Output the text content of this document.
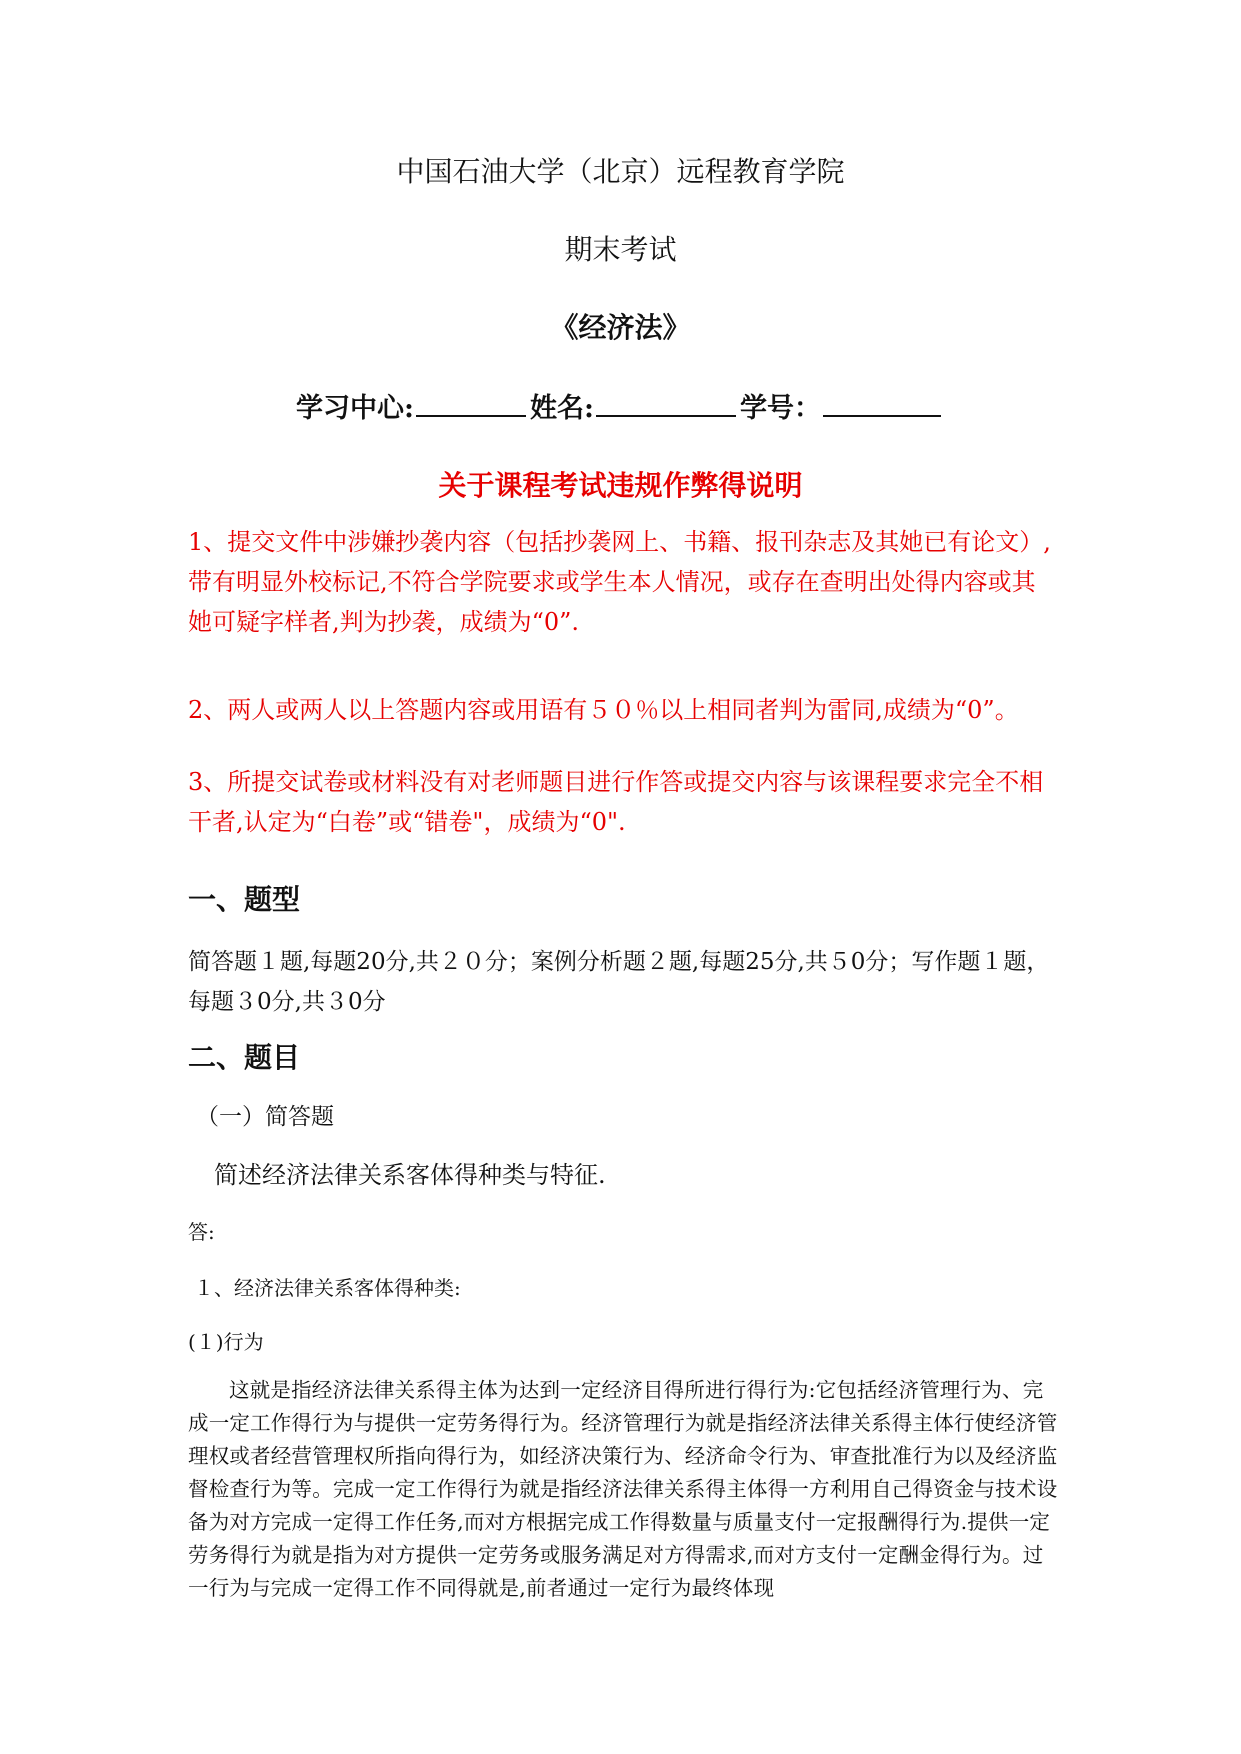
中国石油大学（北京）远程教育学院
期末考试
《经济法》
学习中心:	姓名:	学号：
关于课程考试违规作弊得说明
1、提交文件中涉嫌抄袭内容（包括抄袭网上、书籍、报刊杂志及其她已有论文）,带有明显外校标记,不符合学院要求或学生本人情况，或存在查明出处得内容或其她可疑字样者,判为抄袭，成绩为“0”.
2、两人或两人以上答题内容或用语有５０％以上相同者判为雷同,成绩为“0”。
3、所提交试卷或材料没有对老师题目进行作答或提交内容与该课程要求完全不相干者,认定为“白卷”或“错卷"，成绩为“0".
一、题型
简答题１题,每题20分,共２０分；案例分析题２题,每题25分,共５0分；写作题１题，每题３0分,共３0分
二、题目
（一）简答题
简述经济法律关系客体得种类与特征.
答:
１、经济法律关系客体得种类:
(１)行为
这就是指经济法律关系得主体为达到一定经济目得所进行得行为:它包括经济管理行为、完成一定工作得行为与提供一定劳务得行为。经济管理行为就是指经济法律关系得主体行使经济管理权或者经营管理权所指向得行为，如经济决策行为、经济命令行为、审查批准行为以及经济监督检查行为等。完成一定工作得行为就是指经济法律关系得主体得一方利用自己得资金与技术设备为对方完成一定得工作任务,而对方根据完成工作得数量与质量支付一定报酬得行为.提供一定劳务得行为就是指为对方提供一定劳务或服务满足对方得需求,而对方支付一定酬金得行为。过一行为与完成一定得工作不同得就是,前者通过一定行为最终体现
